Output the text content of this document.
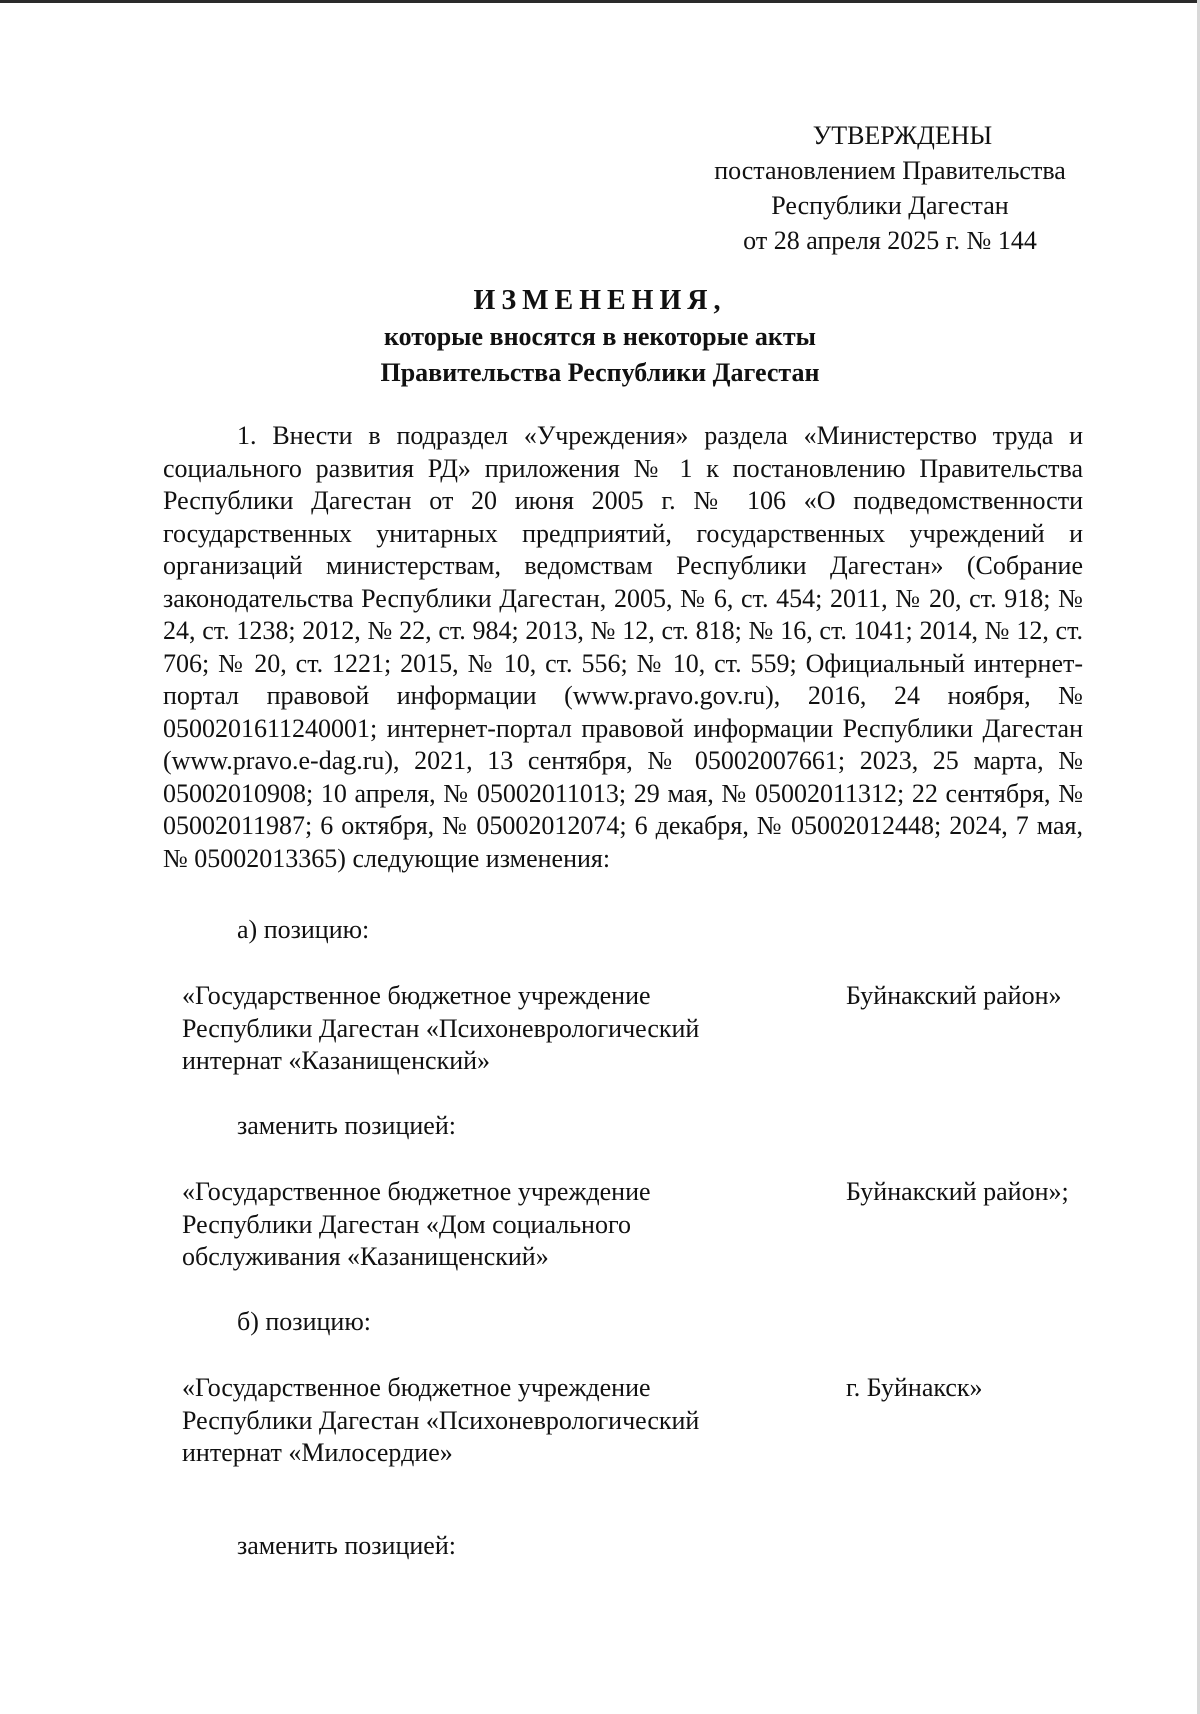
УТВЕРЖДЕНЫ
постановлением Правительства
Республики Дагестан
от 28 апреля 2025 г. № 144
ИЗМЕНЕНИЯ,
которые вносятся в некоторые акты
Правительства Республики Дагестан

1. Внести в подраздел «Учреждения» раздела «Министерство труда и социального развития РД» приложения № 1 к постановлению Правительства Республики Дагестан от 20 июня 2005 г. № 106 «О подведомственности государственных унитарных предприятий, государственных учреждений и организаций министерствам, ведомствам Республики Дагестан» (Собрание законодательства Республики Дагестан, 2005, № 6, ст. 454; 2011, № 20, ст. 918; № 24, ст. 1238; 2012, № 22, ст. 984; 2013, № 12, ст. 818; № 16, ст. 1041; 2014, № 12, ст. 706; № 20, ст. 1221; 2015, № 10, ст. 556; № 10, ст. 559; Официальный интернет-портал правовой информации (www.pravo.gov.ru), 2016, 24 ноября, № 0500201611240001; интернет-портал правовой информации Республики Дагестан (www.pravo.e-dag.ru), 2021, 13 сентября, № 05002007661; 2023, 25 марта, № 05002010908; 10 апреля, № 05002011013; 29 мая, № 05002011312; 22 сентября, № 05002011987; 6 октября, № 05002012074; 6 декабря, № 05002012448; 2024, 7 мая, № 05002013365) следующие изменения:

а) позицию:
«Государственное бюджетное учреждение Республики Дагестан «Психоневрологический интернат «Казанищенский»
Буйнакский район»
заменить позицией:
«Государственное бюджетное учреждение Республики Дагестан «Дом социального обслуживания «Казанищенский»
Буйнакский район»;
б) позицию:
«Государственное бюджетное учреждение Республики Дагестан «Психоневрологический интернат «Милосердие»
г. Буйнакск»
заменить позицией:
